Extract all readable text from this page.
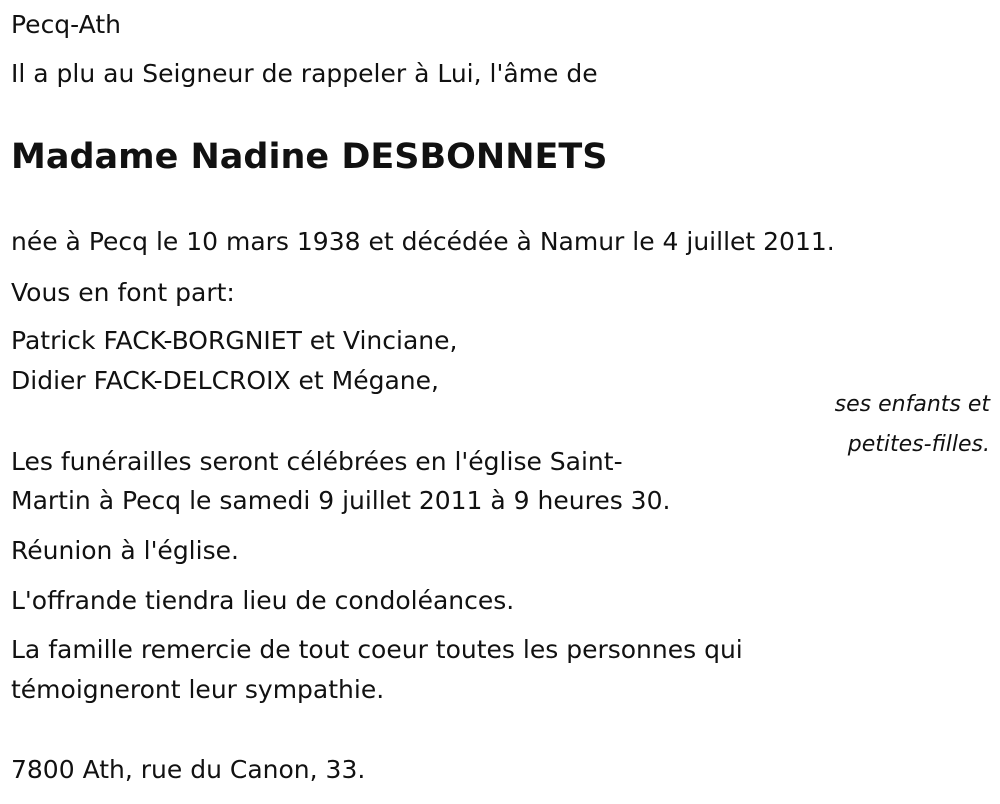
Pecq-Ath
Il a plu au Seigneur de rappeler à Lui, l'âme de
Madame Nadine DESBONNETS
née à Pecq le 10 mars 1938 et décédée à Namur le 4 juillet 2011.
Vous en font part:
Patrick FACK-BORGNIET et Vinciane,
Didier FACK-DELCROIX et Mégane,
ses enfants et
petites-filles.
Les funérailles seront célébrées en l'église Saint-
Martin à Pecq le samedi 9 juillet 2011 à 9 heures 30.
Réunion à l'église.
L'offrande tiendra lieu de condoléances.
La famille remercie de tout coeur toutes les personnes qui
témoigneront leur sympathie.
7800 Ath, rue du Canon, 33.
